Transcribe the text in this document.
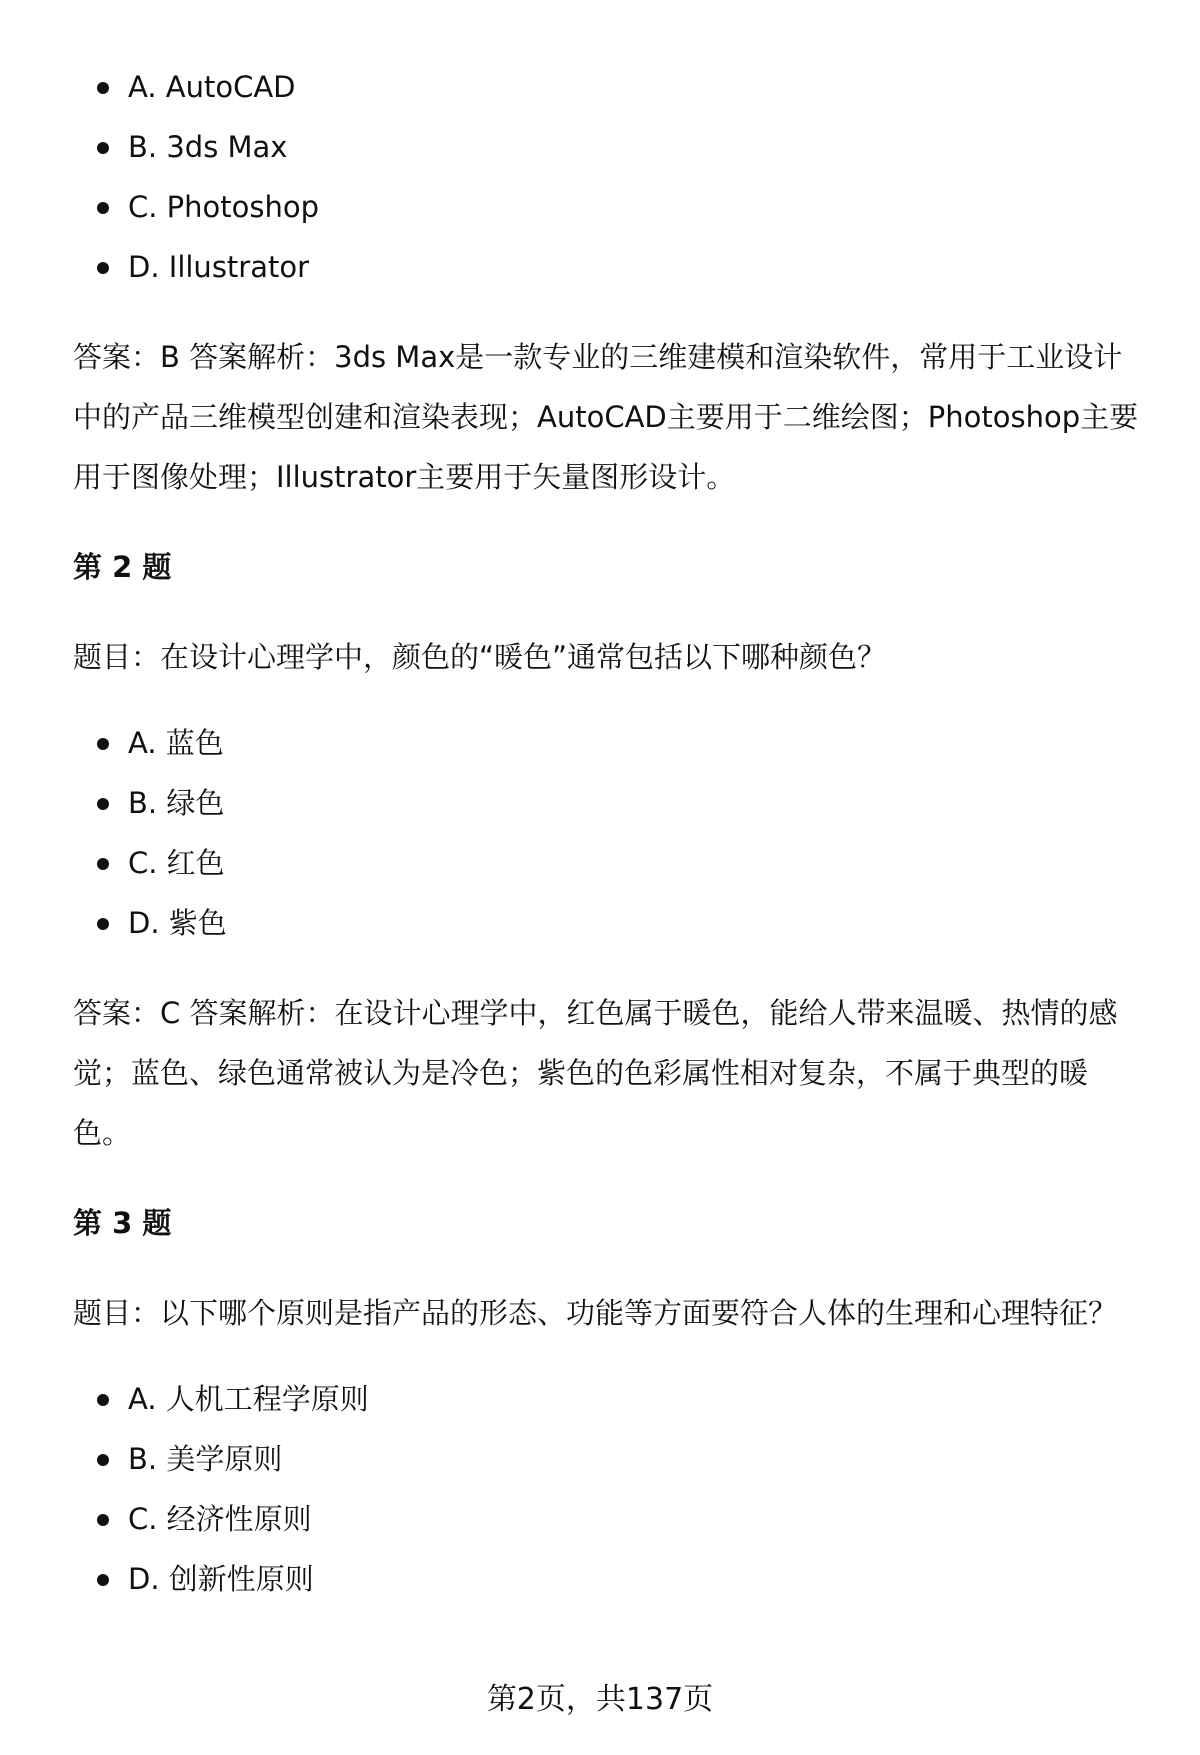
A. AutoCAD
B. 3ds Max
C. Photoshop
D. Illustrator

答案：B 答案解析：3ds Max是一款专业的三维建模和渲染软件，常用于工业设计中的产品三维模型创建和渲染表现；AutoCAD主要用于二维绘图；Photoshop主要用于图像处理；Illustrator主要用于矢量图形设计。

第 2 题

题目：在设计心理学中，颜色的“暖色”通常包括以下哪种颜色？

A. 蓝色
B. 绿色
C. 红色
D. 紫色

答案：C 答案解析：在设计心理学中，红色属于暖色，能给人带来温暖、热情的感觉；蓝色、绿色通常被认为是冷色；紫色的色彩属性相对复杂，不属于典型的暖色。

第 3 题

题目：以下哪个原则是指产品的形态、功能等方面要符合人体的生理和心理特征？

A. 人机工程学原则
B. 美学原则
C. 经济性原则
D. 创新性原则
第2页，共137页
